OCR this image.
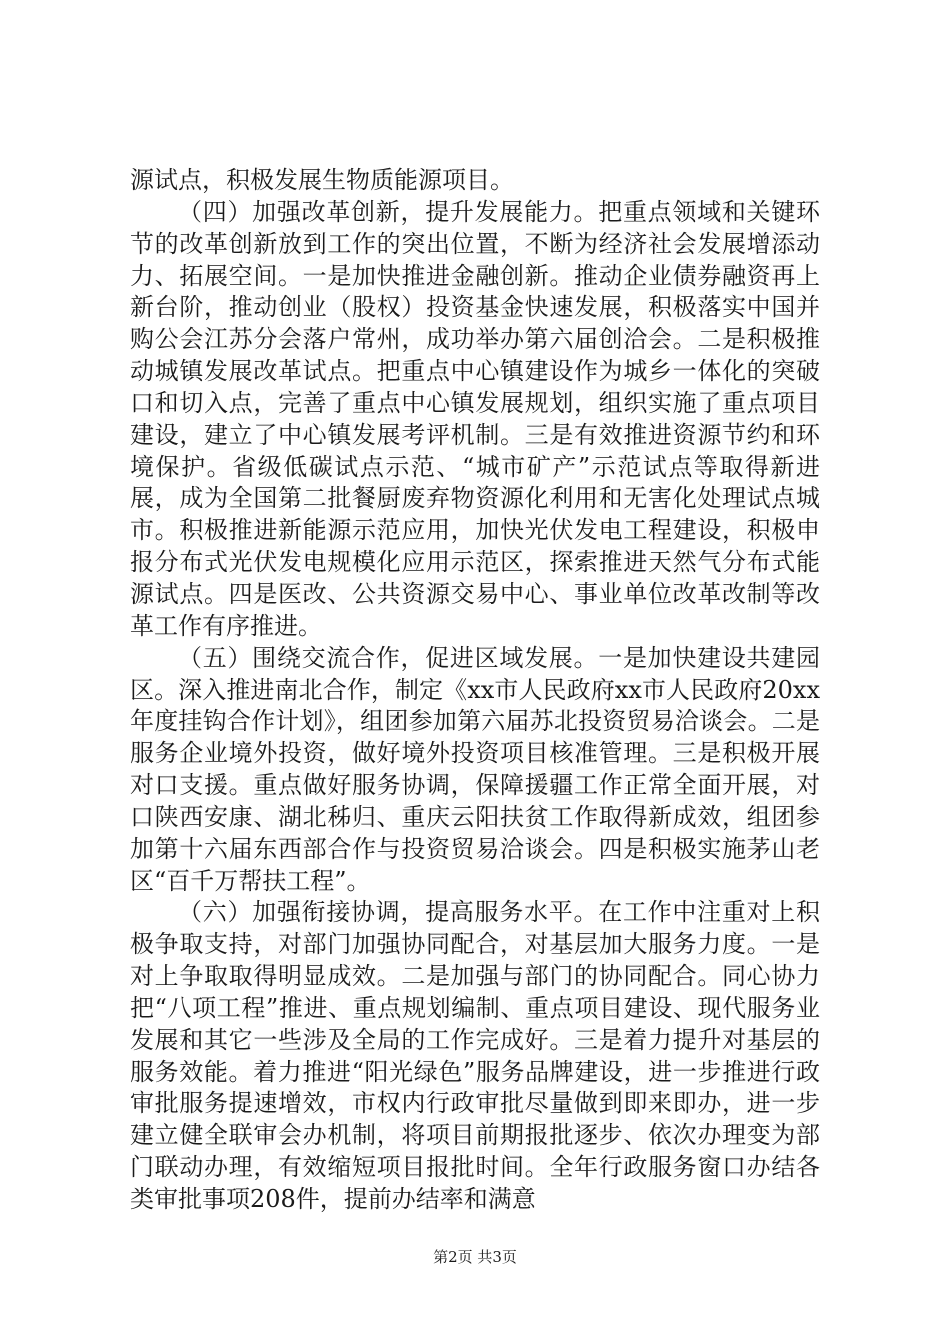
源试点，积极发展生物质能源项目。

（四）加强改革创新，提升发展能力。把重点领域和关键环节的改革创新放到工作的突出位置，不断为经济社会发展增添动力、拓展空间。一是加快推进金融创新。推动企业债券融资再上新台阶，推动创业（股权）投资基金快速发展，积极落实中国并购公会江苏分会落户常州，成功举办第六届创洽会。二是积极推动城镇发展改革试点。把重点中心镇建设作为城乡一体化的突破口和切入点，完善了重点中心镇发展规划，组织实施了重点项目建设，建立了中心镇发展考评机制。三是有效推进资源节约和环境保护。省级低碳试点示范、“城市矿产”示范试点等取得新进展，成为全国第二批餐厨废弃物资源化利用和无害化处理试点城市。积极推进新能源示范应用，加快光伏发电工程建设，积极申报分布式光伏发电规模化应用示范区，探索推进天然气分布式能源试点。四是医改、公共资源交易中心、事业单位改革改制等改革工作有序推进。

（五）围绕交流合作，促进区域发展。一是加快建设共建园区。深入推进南北合作，制定《xx市人民政府xx市人民政府20xx年度挂钩合作计划》，组团参加第六届苏北投资贸易洽谈会。二是服务企业境外投资，做好境外投资项目核准管理。三是积极开展对口支援。重点做好服务协调，保障援疆工作正常全面开展，对口陕西安康、湖北秭归、重庆云阳扶贫工作取得新成效，组团参加第十六届东西部合作与投资贸易洽谈会。四是积极实施茅山老区“百千万帮扶工程”。

（六）加强衔接协调，提高服务水平。在工作中注重对上积极争取支持，对部门加强协同配合，对基层加大服务力度。一是对上争取取得明显成效。二是加强与部门的协同配合。同心协力把“八项工程”推进、重点规划编制、重点项目建设、现代服务业发展和其它一些涉及全局的工作完成好。三是着力提升对基层的服务效能。着力推进“阳光绿色”服务品牌建设，进一步推进行政审批服务提速增效，市权内行政审批尽量做到即来即办，进一步建立健全联审会办机制，将项目前期报批逐步、依次办理变为部门联动办理，有效缩短项目报批时间。全年行政服务窗口办结各类审批事项208件，提前办结率和满意

第2页 共3页
